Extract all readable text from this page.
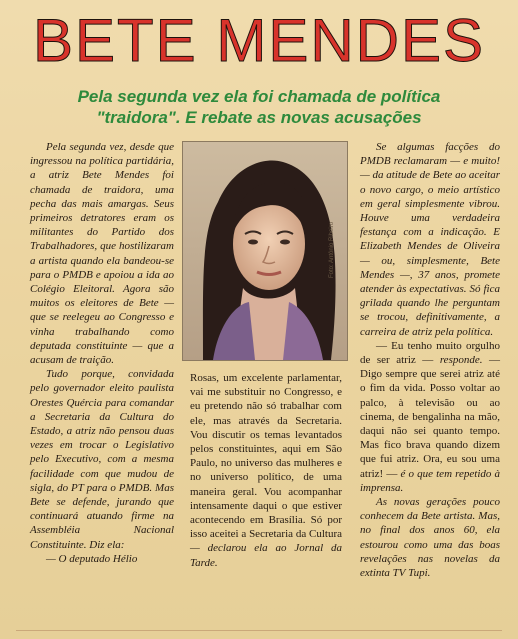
BETE MENDES
Pela segunda vez ela foi chamada de política
"traidora". E rebate as novas acusações

Pela segunda vez, desde que ingressou na política partidária, a atriz Bete Mendes foi chamada de traidora, uma pecha das mais amargas. Seus primeiros detratores eram os militantes do Partido dos Trabalhadores, que hostilizaram a artista quando ela bandeou-se para o PMDB e apoiou a ida ao Colégio Eleitoral. Agora são muitos os eleitores de Bete — que se reelegeu ao Congresso e vinha trabalhando como deputada constituinte — que a acusam de traição.

Tudo porque, convidada pelo governador eleito paulista Orestes Quércia para comandar a Secretaria da Cultura do Estado, a atriz não pensou duas vezes em trocar o Legislativo pelo Executivo, com a mesma facilidade com que mudou de sigla, do PT para o PMDB. Mas Bete se defende, jurando que continuará atuando firme na Assembléia Nacional Constituinte. Diz ela:

— O deputado Hélio

Foto: Antônio Ribeiro

Rosas, um excelente parlamentar, vai me substituir no Congresso, e eu pretendo não só trabalhar com ele, mas através da Secretaria. Vou discutir os temas levantados pelos constituintes, aqui em São Paulo, no universo das mulheres e no universo político, de uma maneira geral. Vou acompanhar intensamente daqui o que estiver acontecendo em Brasília. Só por isso aceitei a Secretaria da Cultura — declarou ela ao Jornal da Tarde.

Se algumas facções do PMDB reclamaram — e muito! — da atitude de Bete ao aceitar o novo cargo, o meio artístico em geral simplesmente vibrou. Houve uma verdadeira festança com a indicação. E Elizabeth Mendes de Oliveira — ou, simplesmente, Bete Mendes —, 37 anos, promete atender às expectativas. Só fica grilada quando lhe perguntam se trocou, definitivamente, a carreira de atriz pela política.

— Eu tenho muito orgulho de ser atriz — responde. — Digo sempre que serei atriz até o fim da vida. Posso voltar ao palco, à televisão ou ao cinema, de bengalinha na mão, daqui não sei quanto tempo. Mas fico brava quando dizem que fui atriz. Ora, eu sou uma atriz! — é o que tem repetido à imprensa.

As novas gerações pouco conhecem da Bete artista. Mas, no final dos anos 60, ela estourou como uma das boas revelações nas novelas da extinta TV Tupi.
